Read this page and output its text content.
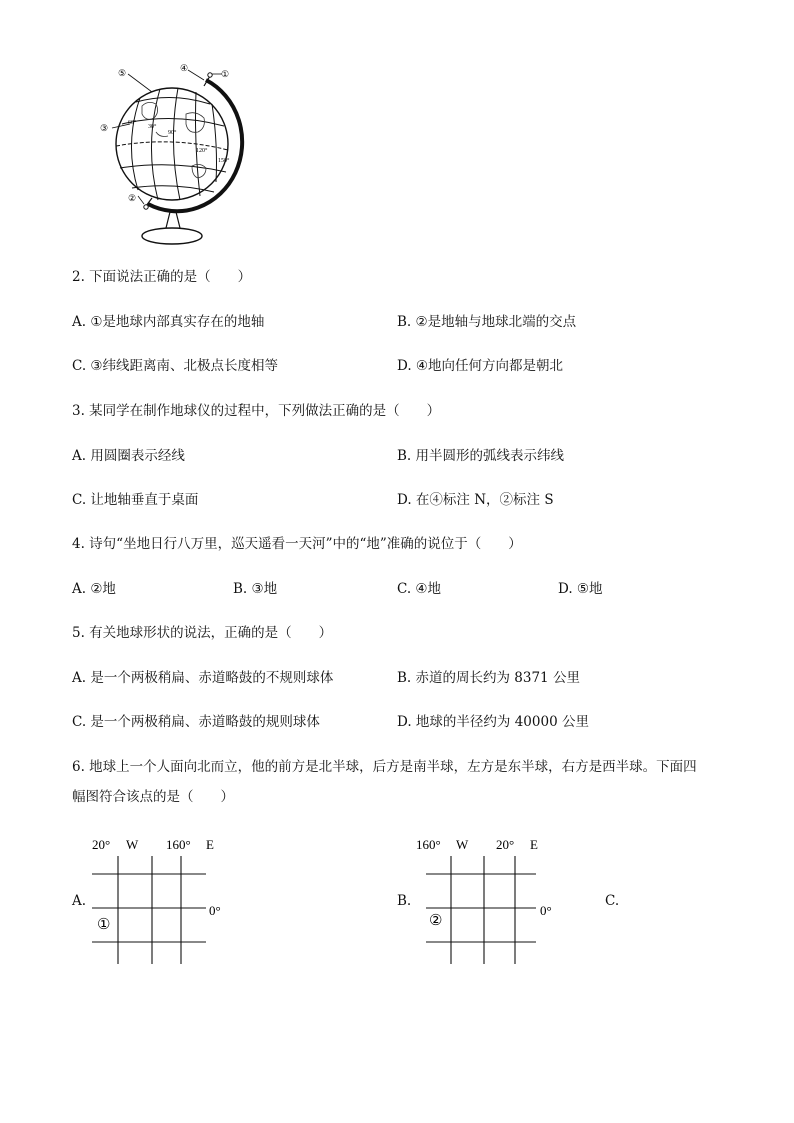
60°
30°
90°
120°
150°
⑤	④
①
③
②
2. 下面说法正确的是（　　）
A. ①是地球内部真实存在的地轴	B. ②是地轴与地球北端的交点
C. ③纬线距离南、北极点长度相等	D. ④地向任何方向都是朝北
3. 某同学在制作地球仪的过程中，下列做法正确的是（　　）
A. 用圆圈表示经线	B. 用半圆形的弧线表示纬线
C. 让地轴垂直于桌面	D. 在④标注 N，②标注 S
4. 诗句“坐地日行八万里，巡天遥看一天河”中的“地”准确的说位于（　　）
A. ②地	B. ③地	C. ④地	D. ⑤地
5. 有关地球形状的说法，正确的是（　　）
A. 是一个两极稍扁、赤道略鼓的不规则球体	B. 赤道的周长约为 8371 公里
C. 是一个两极稍扁、赤道略鼓的规则球体	D. 地球的半径约为 40000 公里
6. 地球上一个人面向北而立，他的前方是北半球，后方是南半球，左方是东半球，右方是西半球。下面四
幅图符合该点的是（　　）
A.	B.	C.
20° W 160° E
0°
①
160° W 20° E
0°
②
